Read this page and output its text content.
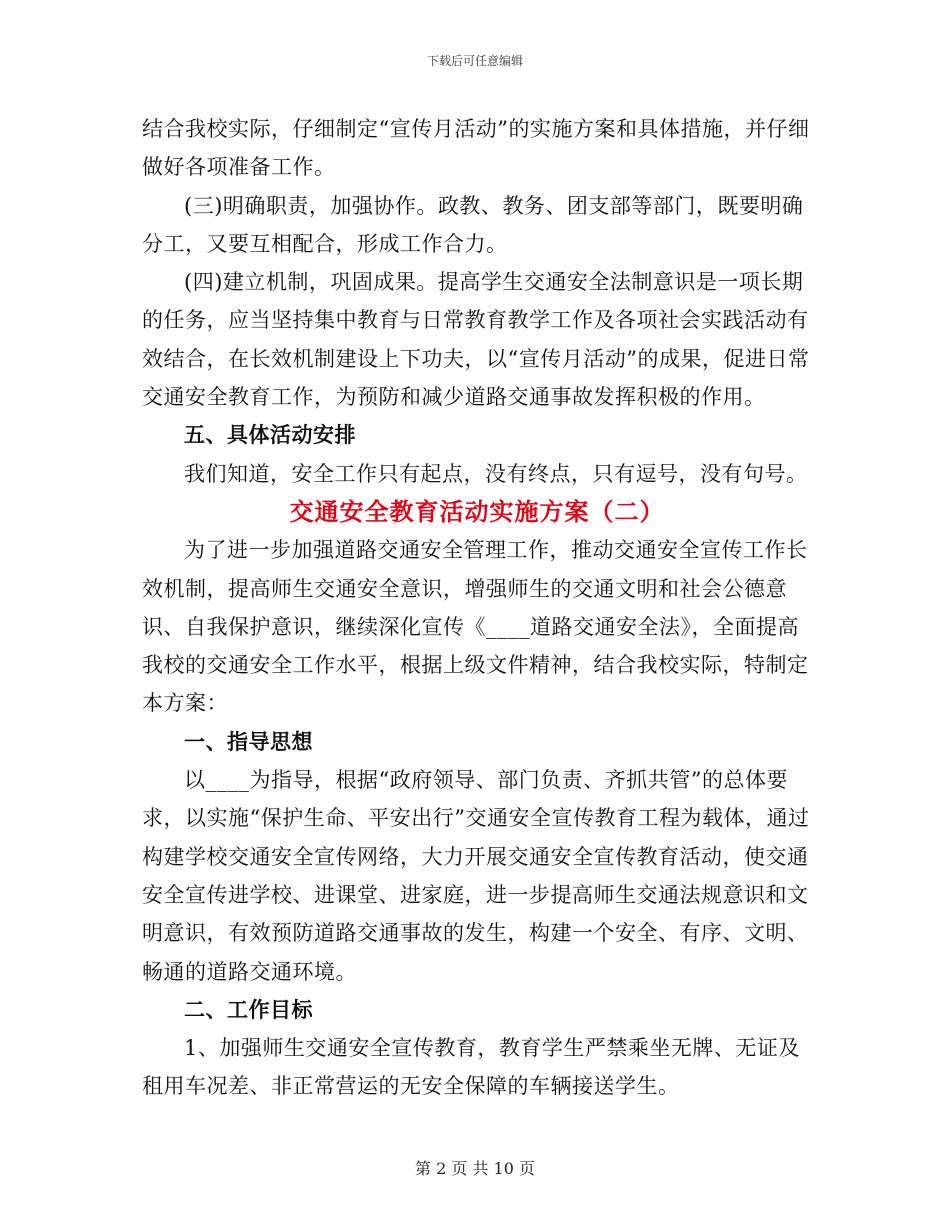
下载后可任意编辑

结合我校实际，仔细制定“宣传月活动”的实施方案和具体措施，并仔细做好各项准备工作。

(三)明确职责，加强协作。政教、教务、团支部等部门，既要明确分工，又要互相配合，形成工作合力。

(四)建立机制，巩固成果。提高学生交通安全法制意识是一项长期的任务，应当坚持集中教育与日常教育教学工作及各项社会实践活动有效结合，在长效机制建设上下功夫，以“宣传月活动”的成果，促进日常交通安全教育工作，为预防和减少道路交通事故发挥积极的作用。

五、具体活动安排

我们知道，安全工作只有起点，没有终点，只有逗号，没有句号。

交通安全教育活动实施方案（二）

为了进一步加强道路交通安全管理工作，推动交通安全宣传工作长效机制，提高师生交通安全意识，增强师生的交通文明和社会公德意识、自我保护意识，继续深化宣传《____道路交通安全法》，全面提高我校的交通安全工作水平，根据上级文件精神，结合我校实际，特制定本方案：

一、指导思想

以____为指导，根据“政府领导、部门负责、齐抓共管”的总体要求，以实施“保护生命、平安出行”交通安全宣传教育工程为载体，通过构建学校交通安全宣传网络，大力开展交通安全宣传教育活动，使交通安全宣传进学校、进课堂、进家庭，进一步提高师生交通法规意识和文明意识，有效预防道路交通事故的发生，构建一个安全、有序、文明、畅通的道路交通环境。

二、工作目标

1、加强师生交通安全宣传教育，教育学生严禁乘坐无牌、无证及租用车况差、非正常营运的无安全保障的车辆接送学生。

第 2 页 共 10 页
